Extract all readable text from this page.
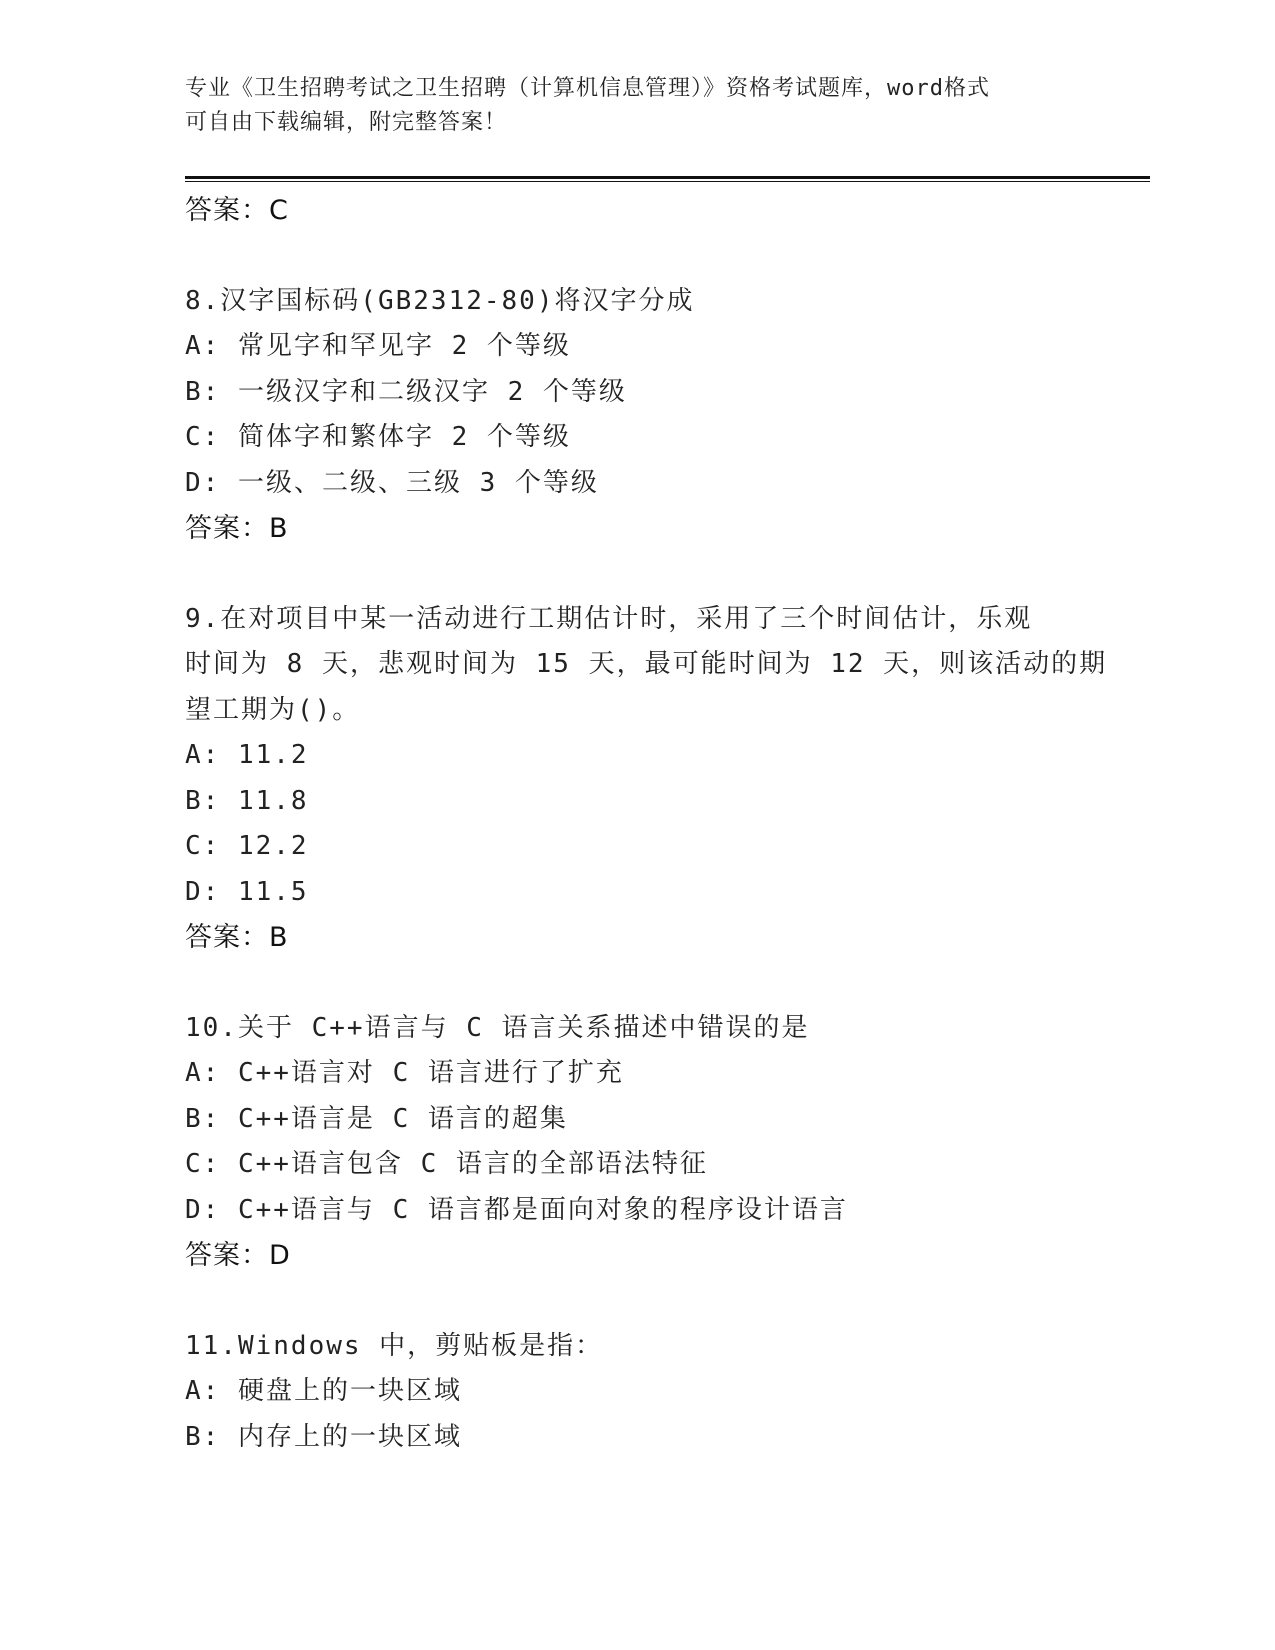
专业《卫生招聘考试之卫生招聘（计算机信息管理）》资格考试题库，word格式
可自由下载编辑，附完整答案！
答案：C
8.汉字国标码(GB2312-80)将汉字分成
A: 常见字和罕见字 2 个等级
B: 一级汉字和二级汉字 2 个等级
C: 简体字和繁体字 2 个等级
D: 一级、二级、三级 3 个等级
答案：B
9.在对项目中某一活动进行工期估计时，采用了三个时间估计，乐观
时间为 8 天，悲观时间为 15 天，最可能时间为 12 天，则该活动的期
望工期为()。
A: 11.2
B: 11.8
C: 12.2
D: 11.5
答案：B
10.关于 C++语言与 C 语言关系描述中错误的是
A: C++语言对 C 语言进行了扩充
B: C++语言是 C 语言的超集
C: C++语言包含 C 语言的全部语法特征
D: C++语言与 C 语言都是面向对象的程序设计语言
答案：D
11.Windows 中，剪贴板是指：
A: 硬盘上的一块区域
B: 内存上的一块区域
